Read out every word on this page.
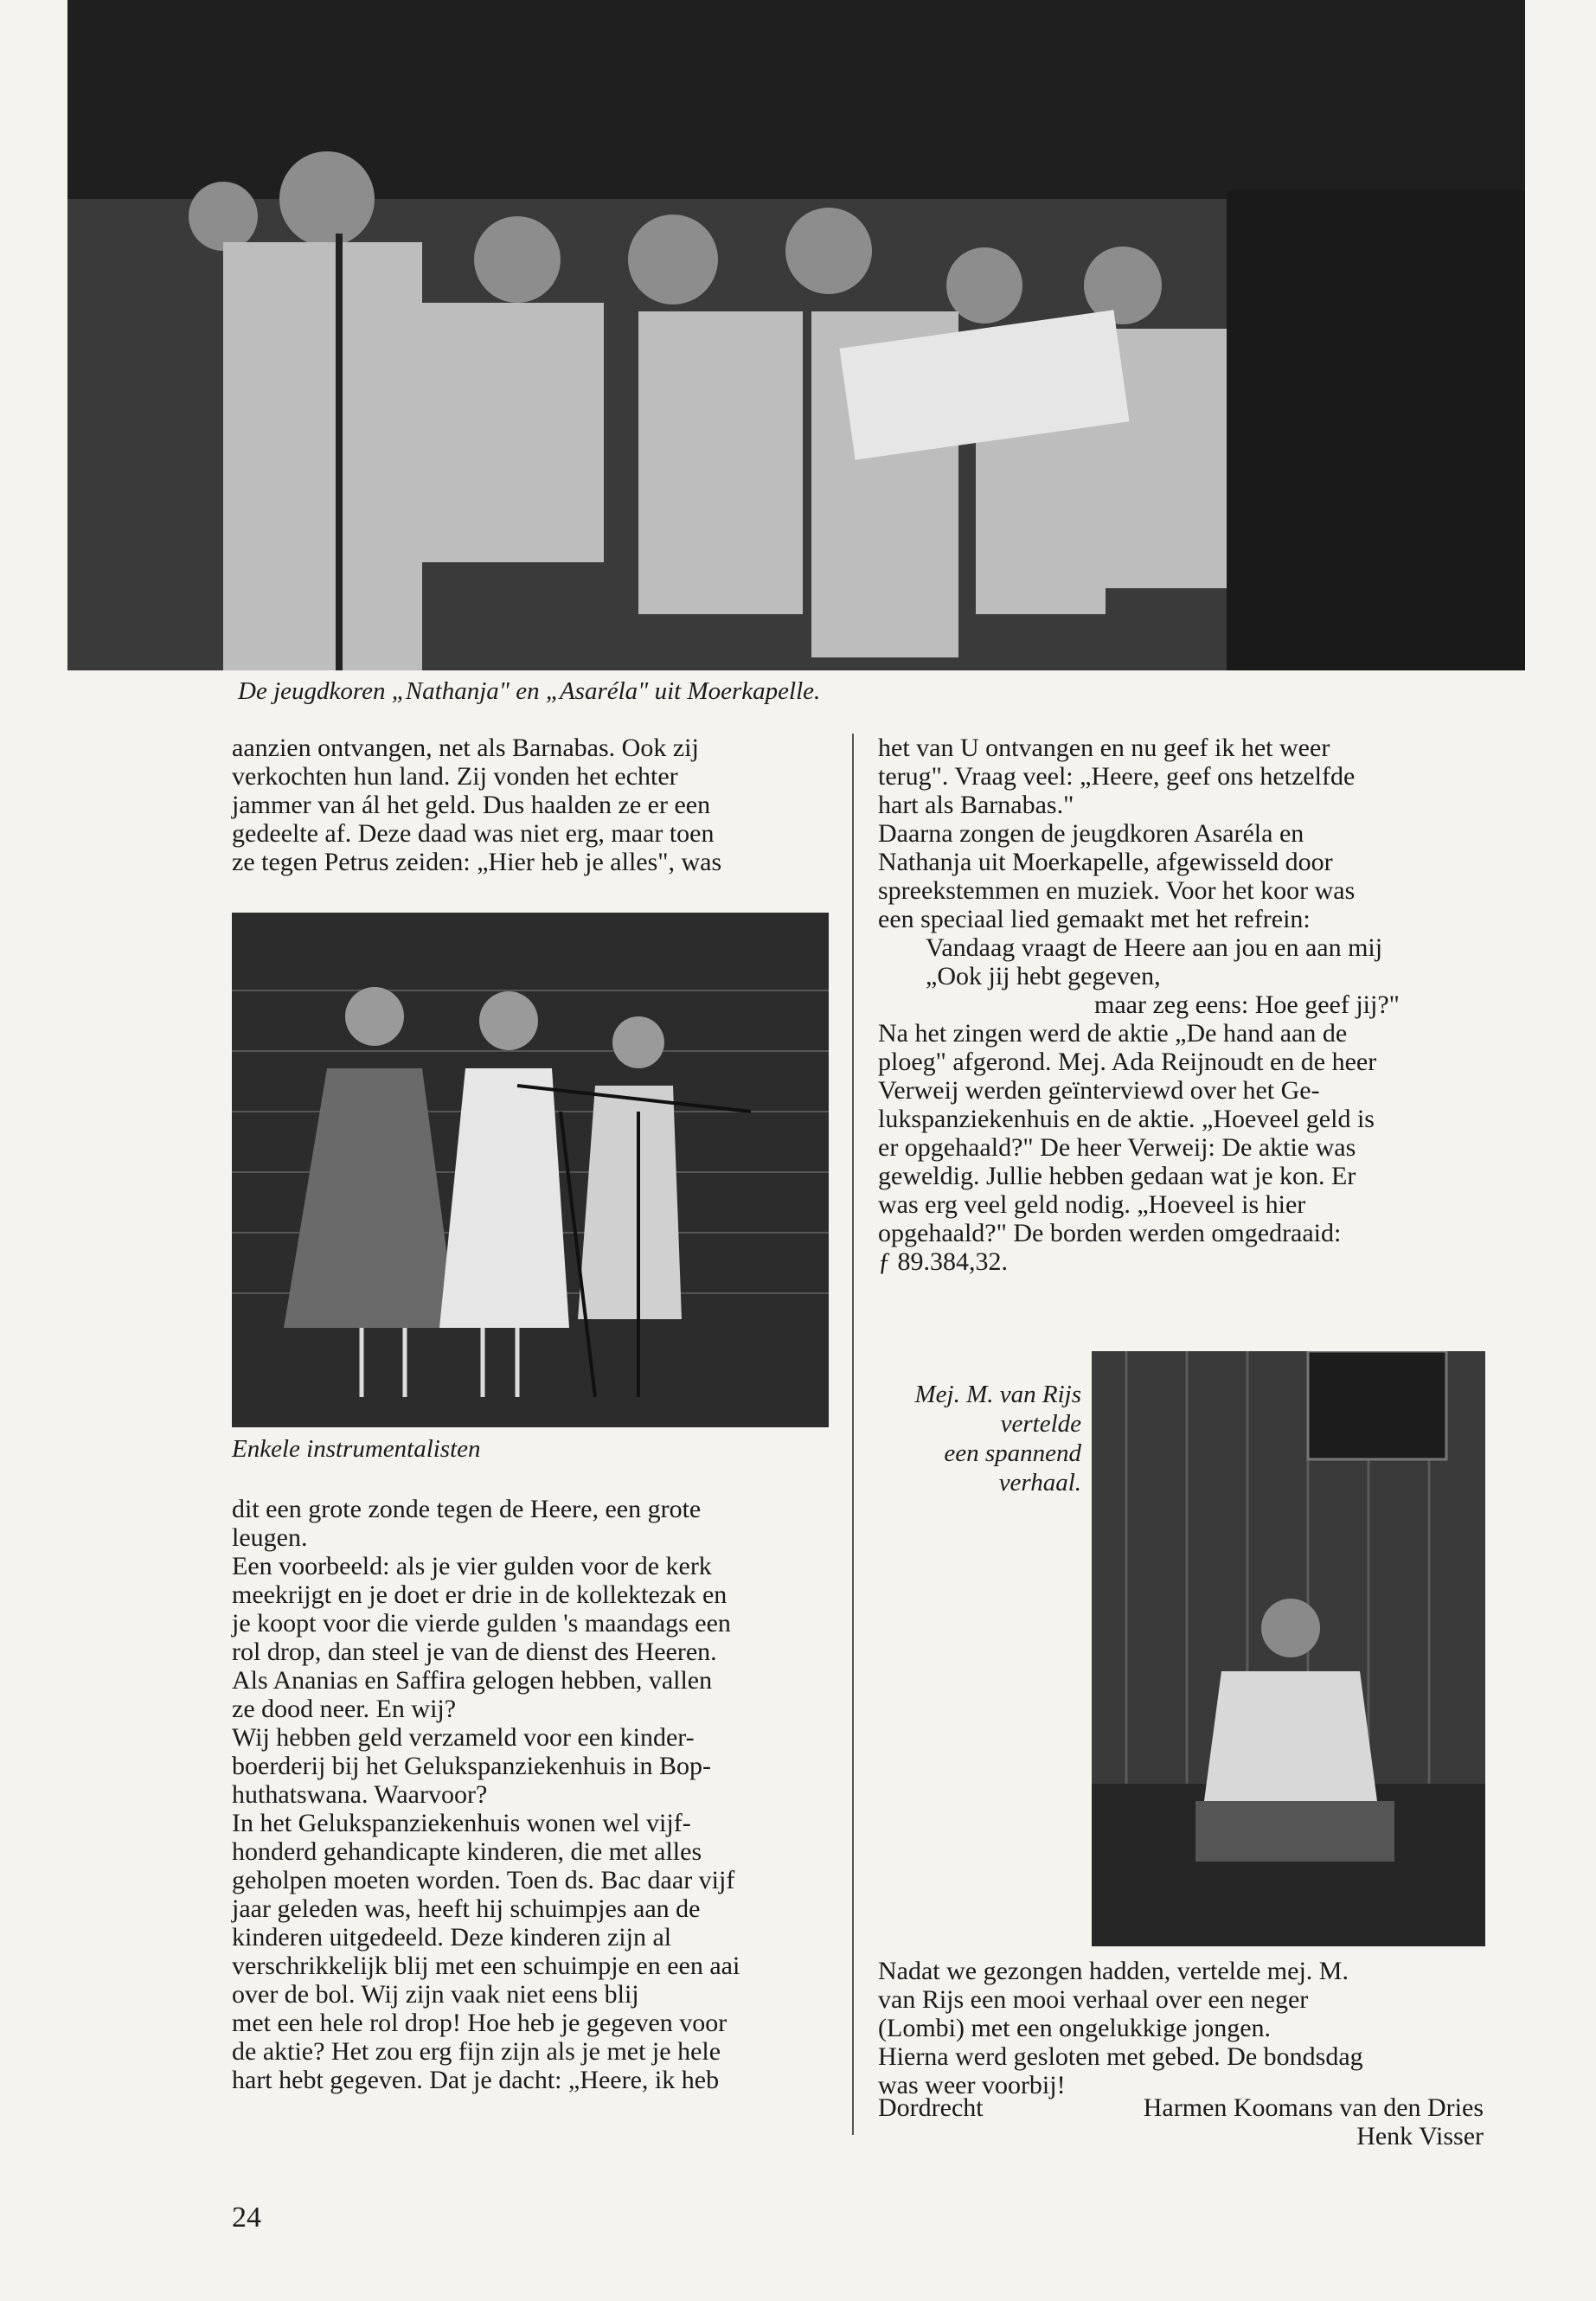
De jeugdkoren „Nathanja" en „Asaréla" uit Moerkapelle.

aanzien ontvangen, net als Barnabas. Ook zij

verkochten hun land. Zij vonden het echter

jammer van ál het geld. Dus haalden ze er een

gedeelte af. Deze daad was niet erg, maar toen

ze tegen Petrus zeiden: „Hier heb je alles", was

Enkele instrumentalisten

dit een grote zonde tegen de Heere, een grote

leugen.

Een voorbeeld: als je vier gulden voor de kerk

meekrijgt en je doet er drie in de kollektezak en

je koopt voor die vierde gulden 's maandags een

rol drop, dan steel je van de dienst des Heeren.

Als Ananias en Saffira gelogen hebben, vallen

ze dood neer. En wij?

Wij hebben geld verzameld voor een kinder-

boerderij bij het Gelukspanziekenhuis in Bop-

huthatswana. Waarvoor?

In het Gelukspanziekenhuis wonen wel vijf-

honderd gehandicapte kinderen, die met alles

geholpen moeten worden. Toen ds. Bac daar vijf

jaar geleden was, heeft hij schuimpjes aan de

kinderen uitgedeeld. Deze kinderen zijn al

verschrikkelijk blij met een schuimpje en een aai

over de bol. Wij zijn vaak niet eens blij

met een hele rol drop! Hoe heb je gegeven voor

de aktie? Het zou erg fijn zijn als je met je hele

hart hebt gegeven. Dat je dacht: „Heere, ik heb

het van U ontvangen en nu geef ik het weer

terug". Vraag veel: „Heere, geef ons hetzelfde

hart als Barnabas."

Daarna zongen de jeugdkoren Asaréla en

Nathanja uit Moerkapelle, afgewisseld door

spreekstemmen en muziek. Voor het koor was

een speciaal lied gemaakt met het refrein:

Vandaag vraagt de Heere aan jou en aan mij

„Ook jij hebt gegeven,

maar zeg eens: Hoe geef jij?"

Na het zingen werd de aktie „De hand aan de

ploeg" afgerond. Mej. Ada Reijnoudt en de heer

Verweij werden geïnterviewd over het Ge-

lukspanziekenhuis en de aktie. „Hoeveel geld is

er opgehaald?" De heer Verweij: De aktie was

geweldig. Jullie hebben gedaan wat je kon. Er

was erg veel geld nodig. „Hoeveel is hier

opgehaald?" De borden werden omgedraaid:

ƒ 89.384,32.

Mej. M. van Rijs
vertelde
een spannend
verhaal.

Nadat we gezongen hadden, vertelde mej. M.

van Rijs een mooi verhaal over een neger

(Lombi) met een ongelukkige jongen.

Hierna werd gesloten met gebed. De bondsdag

was weer voorbij!

Dordrecht	Harmen Koomans van den Dries
Henk Visser
24
